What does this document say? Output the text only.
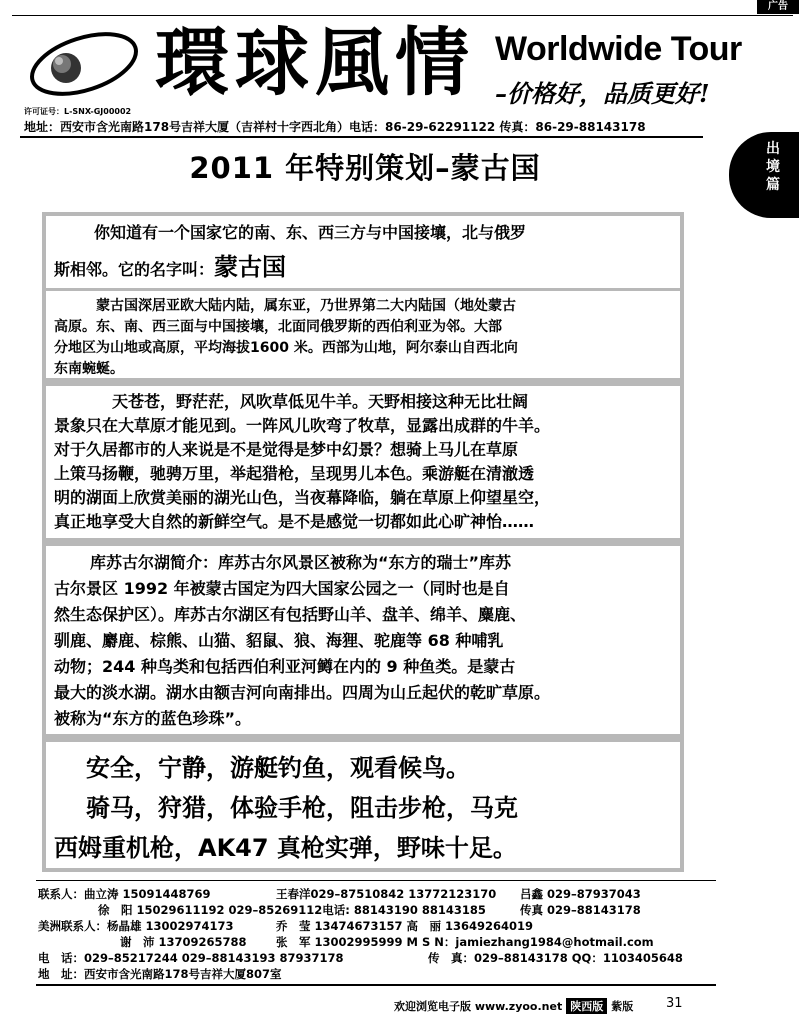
广告
環球風情 Worldwide Tour
–价格好，品质更好!
许可证号：L-SNX-GJ00002
地址：西安市含光南路178号吉祥大厦（吉祥村十字西北角）电话：86-29-62291122 传真：86-29-88143178
出境篇
2011 年特别策划–蒙古国

你知道有一个国家它的南、东、西三方与中国接壤，北与俄罗

斯相邻。它的名字叫：蒙古国

蒙古国深居亚欧大陆内陆，属东亚，乃世界第二大内陆国（地处蒙古

高原。东、南、西三面与中国接壤，北面同俄罗斯的西伯利亚为邻。大部

分地区为山地或高原，平均海拔1600 米。西部为山地，阿尔泰山自西北向

东南蜿蜒。

天苍苍，野茫茫，风吹草低见牛羊。天野相接这种无比壮阔

景象只在大草原才能见到。一阵风儿吹弯了牧草，显露出成群的牛羊。

对于久居都市的人来说是不是觉得是梦中幻景？想骑上马儿在草原

上策马扬鞭，驰骋万里，举起猎枪，呈现男儿本色。乘游艇在清澈透

明的湖面上欣赏美丽的湖光山色，当夜幕降临，躺在草原上仰望星空，

真正地享受大自然的新鲜空气。是不是感觉一切都如此心旷神怡……

库苏古尔湖简介：库苏古尔风景区被称为“东方的瑞士”库苏

古尔景区 1992 年被蒙古国定为四大国家公园之一（同时也是自

然生态保护区）。库苏古尔湖区有包括野山羊、盘羊、绵羊、麋鹿、

驯鹿、麝鹿、棕熊、山猫、貂鼠、狼、海狸、驼鹿等 68 种哺乳

动物；244 种鸟类和包括西伯利亚河鳟在内的 9 种鱼类。是蒙古

最大的淡水湖。湖水由额吉河向南排出。四周为山丘起伏的乾旷草原。

被称为“东方的蓝色珍珠”。

安全，宁静，游艇钓鱼，观看候鸟。

骑马，狩猎，体验手枪，阻击步枪，马克

西姆重机枪，AK47 真枪实弹，野味十足。

联系人：曲立涛 15091448769	王春洋029–87510842 13772123170 吕鑫 029–87937043
徐　阳 15029611192 029–85269112电话: 88143190 88143185	传真 029–88143178
美洲联系人：杨晶雄 13002974173	乔　莹 13474673157 高　丽 13649264019
谢　沛 13709265788	张　军 13002995999 M S N：jamiezhang1984@hotmail.com
电　话：029–85217244 029–88143193 87937178	传　真：029–88143178 QQ：1103405648
地　址：西安市含光南路178号吉祥大厦807室
欢迎浏览电子版 www.zyoo.net 陕西版 紫版	31
